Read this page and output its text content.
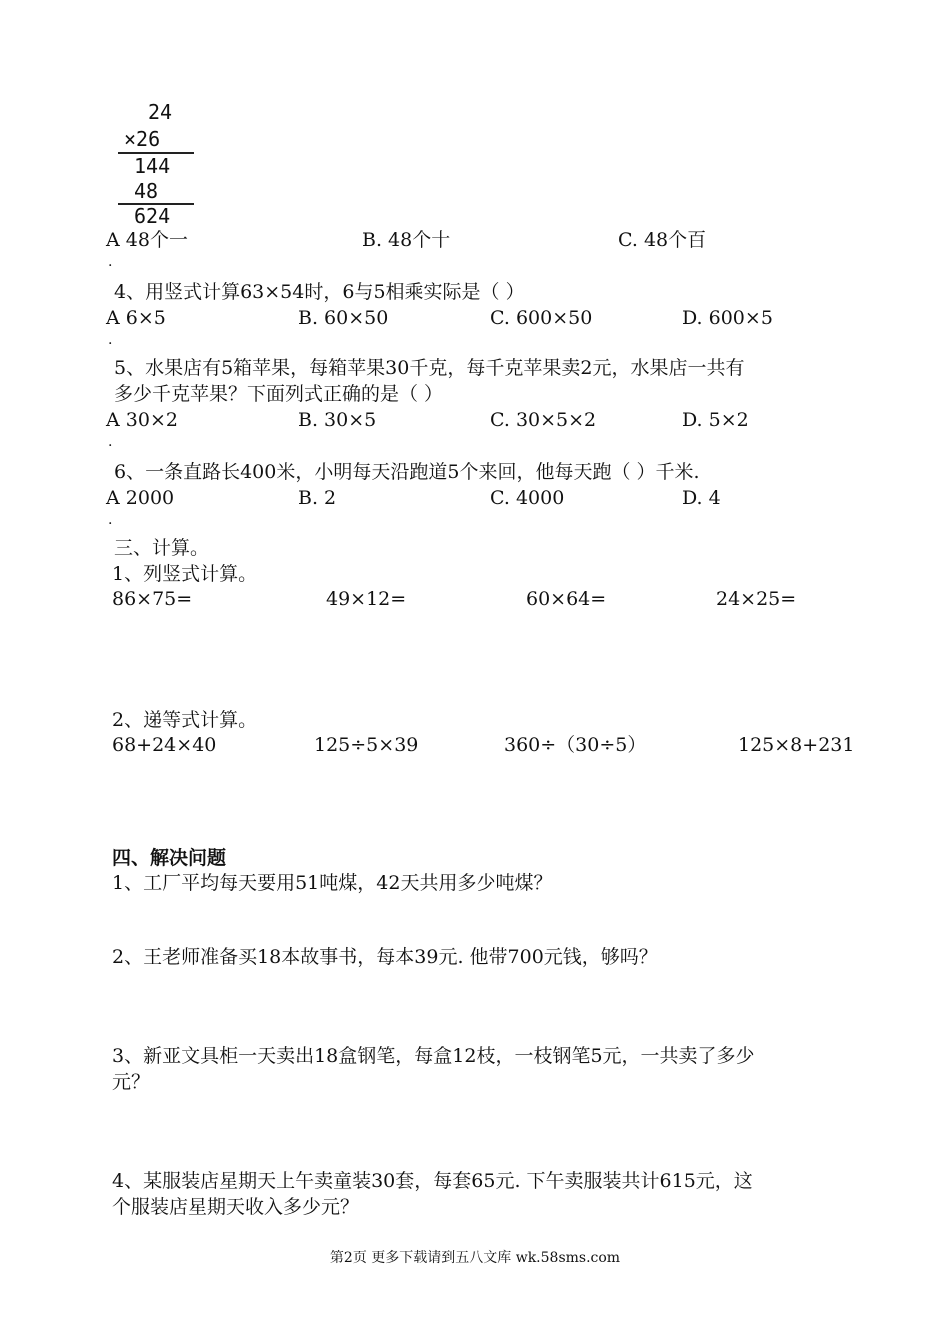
24
×26
144
48
624
A 48个一	B. 48个十	C. 48个百
.
4、用竖式计算63×54时，6与5相乘实际是（ ）
A 6×5	B. 60×50	C. 600×50	D. 600×5
.
5、水果店有5箱苹果，每箱苹果30千克，每千克苹果卖2元，水果店一共有
多少千克苹果？下面列式正确的是（ ）
A 30×2	B. 30×5	C. 30×5×2	D. 5×2
.
6、一条直路长400米，小明每天沿跑道5个来回，他每天跑（ ）千米.
A 2000	B. 2	C. 4000	D. 4
.
三、计算。
1、列竖式计算。
86×75=	49×12=	60×64=	24×25=
2、递等式计算。
68+24×40	125÷5×39	360÷（30÷5）	125×8+231
四、解决问题
1、工厂平均每天要用51吨煤，42天共用多少吨煤？
2、王老师准备买18本故事书，每本39元. 他带700元钱，够吗？
3、新亚文具柜一天卖出18盒钢笔，每盒12枝，一枝钢笔5元，一共卖了多少
元？
4、某服装店星期天上午卖童装30套，每套65元. 下午卖服装共计615元，这
个服装店星期天收入多少元？
第2页 更多下载请到五八文库 wk.58sms.com
